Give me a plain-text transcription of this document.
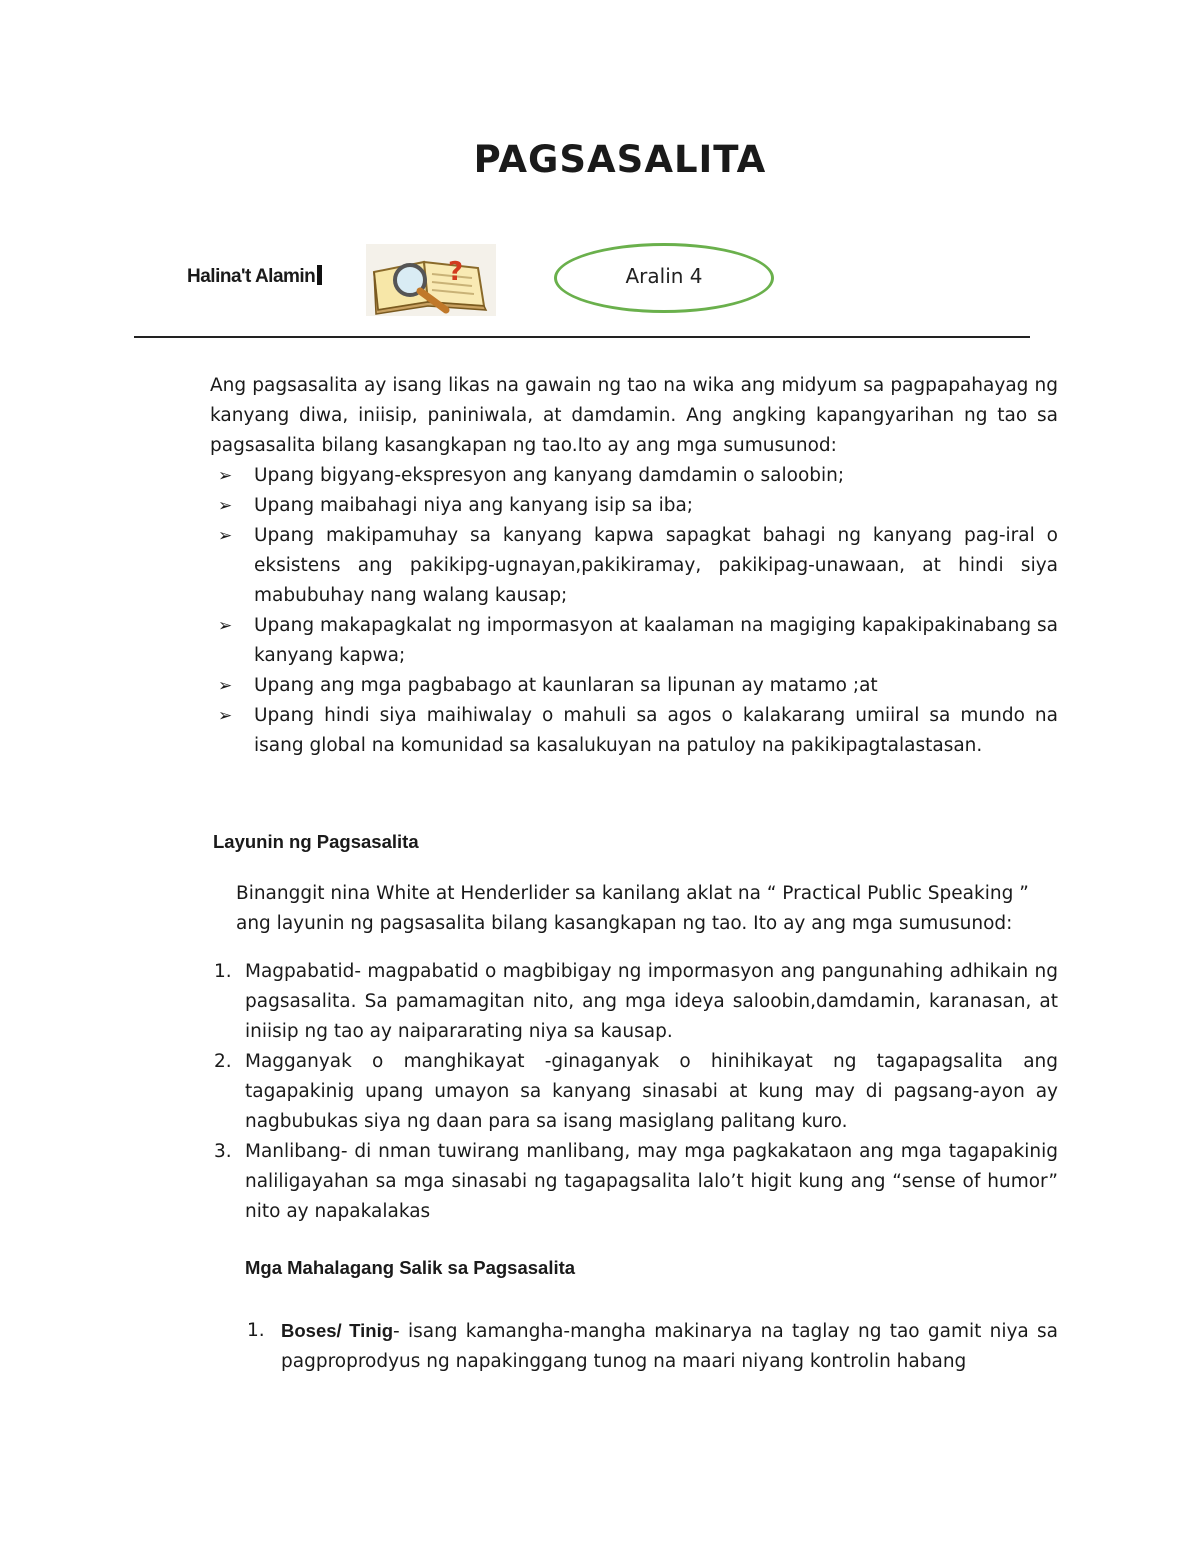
PAGSASALITA
Halina't Alamin	?	Aralin 4
Ang pagsasalita ay isang likas na gawain ng tao na wika ang midyum sa pagpapahayag ng kanyang diwa, iniisip, paniniwala, at damdamin. Ang angking kapangyarihan ng tao sa pagsasalita bilang kasangkapan ng tao.Ito ay ang mga sumusunod:
➢ Upang bigyang-ekspresyon ang kanyang damdamin o saloobin;
➢ Upang maibahagi niya ang kanyang isip sa iba;
➢ Upang makipamuhay sa kanyang kapwa sapagkat bahagi ng kanyang pag-iral o eksistens ang pakikipg-ugnayan,pakikiramay, pakikipag-unawaan, at hindi siya mabubuhay nang walang kausap;
➢ Upang makapagkalat ng impormasyon at kaalaman na magiging kapakipakinabang sa kanyang kapwa;
➢ Upang ang mga pagbabago at kaunlaran sa lipunan ay matamo ;at
➢ Upang hindi siya maihiwalay o mahuli sa agos o kalakarang umiiral sa mundo na isang global na komunidad sa kasalukuyan na patuloy na pakikipagtalastasan.
Layunin ng Pagsasalita
Binanggit nina White at Henderlider sa kanilang aklat na “ Practical Public Speaking ” ang layunin ng pagsasalita bilang kasangkapan ng tao. Ito ay ang mga sumusunod:
1. Magpabatid- magpabatid o magbibigay ng impormasyon ang pangunahing adhikain ng pagsasalita. Sa pamamagitan nito, ang mga ideya saloobin,damdamin, karanasan, at iniisip ng tao ay naipararating niya sa kausap.
2. Magganyak o manghikayat -ginaganyak o hinihikayat ng tagapagsalita ang tagapakinig upang umayon sa kanyang sinasabi at kung may di pagsang-ayon ay nagbubukas siya ng daan para sa isang masiglang palitang kuro.
3. Manlibang- di nman tuwirang manlibang, may mga pagkakataon ang mga tagapakinig naliligayahan sa mga sinasabi ng tagapagsalita lalo’t higit kung ang “sense of humor” nito ay napakalakas
Mga Mahalagang Salik sa Pagsasalita
1. Boses/ Tinig- isang kamangha-mangha makinarya na taglay ng tao gamit niya sa pagproprodyus ng napakinggang tunog na maari niyang kontrolin habang
